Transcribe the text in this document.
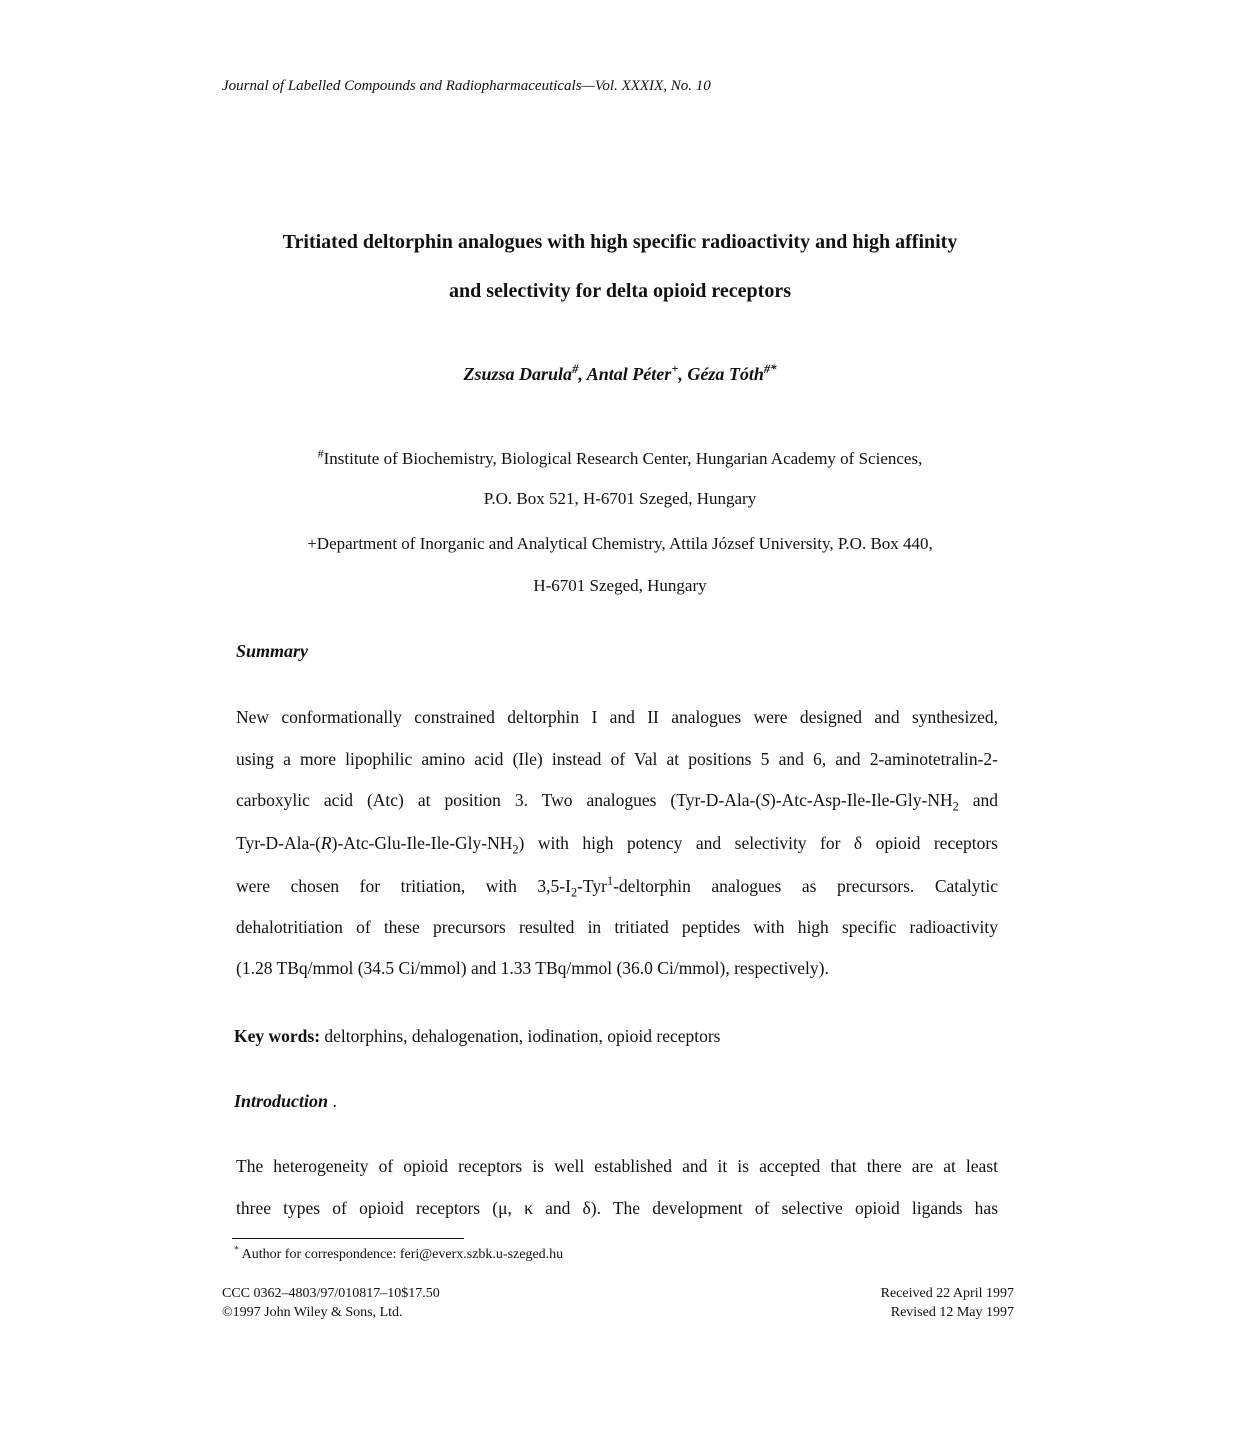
Journal of Labelled Compounds and Radiopharmaceuticals—Vol. XXXIX, No. 10
Tritiated deltorphin analogues with high specific radioactivity and high affinity
and selectivity for delta opioid receptors
Zsuzsa Darula#, Antal Péter+, Géza Tóth#*
#Institute of Biochemistry, Biological Research Center, Hungarian Academy of Sciences,
P.O. Box 521, H-6701 Szeged, Hungary
+Department of Inorganic and Analytical Chemistry, Attila József University, P.O. Box 440,
H-6701 Szeged, Hungary
Summary
New conformationally constrained deltorphin I and II analogues were designed and synthesized,
using a more lipophilic amino acid (Ile) instead of Val at positions 5 and 6, and 2-aminotetralin-2-
carboxylic acid (Atc) at position 3. Two analogues ($Tyr-D-Ala-(S)-Atc-Asp-Ile-Ile-Gly-NH_2$ and
Tyr-$D-Ala-(R)-Atc-Glu-Ile-Ile-Gly-NH_2$) with high potency and selectivity for δ opioid receptors
were chosen for tritiation, with $3,5-I_2-Tyr^1$-deltorphin analogues as precursors. Catalytic
dehalotritiation of these precursors resulted in tritiated peptides with high specific radioactivity
(1.28 TBq/mmol (34.5 Ci/mmol) and 1.33 TBq/mmol (36.0 Ci/mmol), respectively).
Key words: deltorphins, dehalogenation, iodination, opioid receptors
Introduction .
The heterogeneity of opioid receptors is well established and it is accepted that there are at least
three types of opioid receptors (μ, κ and δ). The development of selective opioid ligands has
* Author for correspondence: feri@everx.szbk.u-szeged.hu
CCC 0362–4803/97/010817–10$17.50
©1997 John Wiley & Sons, Ltd.
Received 22 April 1997
Revised 12 May 1997
